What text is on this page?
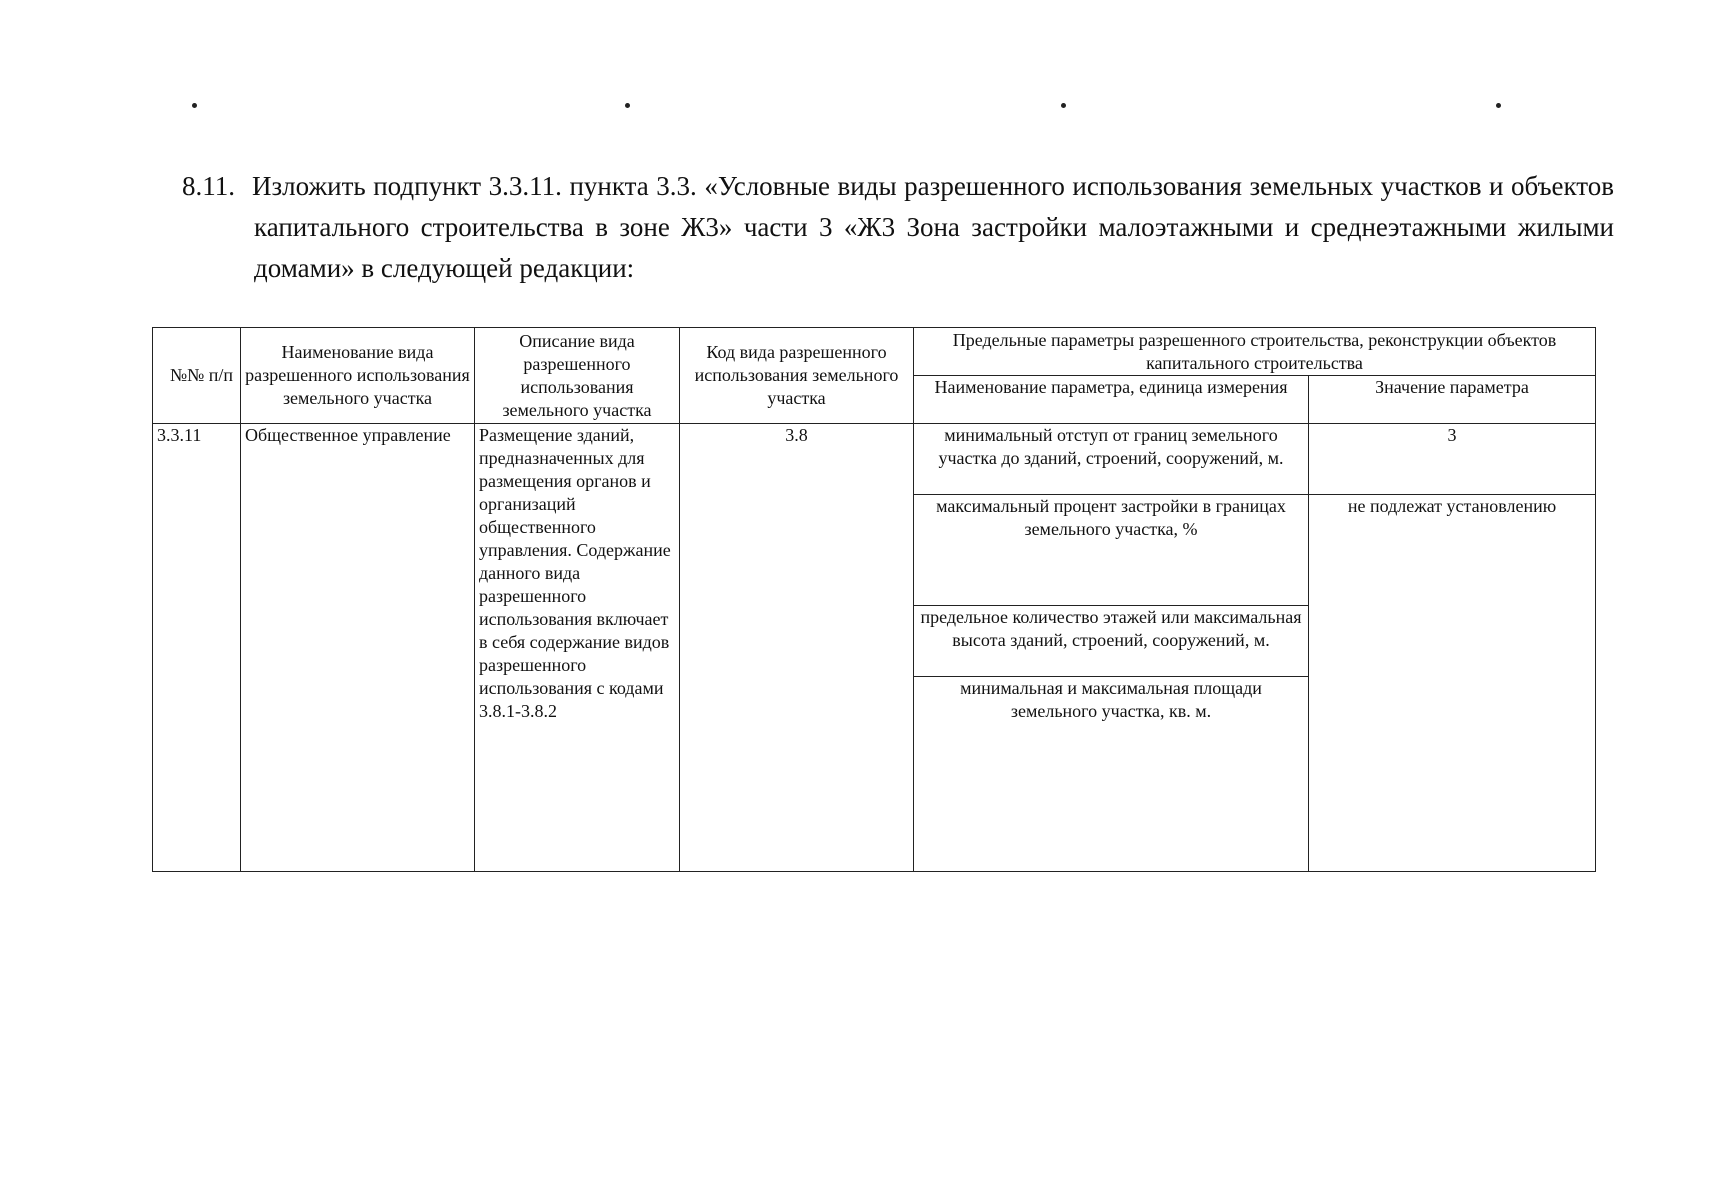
8.11. Изложить подпункт 3.3.11. пункта 3.3. «Условные виды разрешенного использования земельных участков и объектов капитального строительства в зоне Ж3» части 3 «Ж3 Зона застройки малоэтажными и среднеэтажными жилыми домами» в следующей редакции:
№№ п/п	Наименование вида разрешенного использования земельного участка	Описание вида разрешенного использования земельного участка	Код вида разрешенного использования земельного участка	Предельные параметры разрешенного строительства, реконструкции объектов капитального строительства	
				Наименование параметра, единица измерения	Значение параметра
3.3.11	Общественное управление	Размещение зданий, предназначенных для размещения органов и организаций общественного управления. Содержание данного вида разрешенного использования включает в себя содержание видов разрешенного использования с кодами 3.8.1-3.8.2	3.8	минимальный отступ от границ земельного участка до зданий, строений, сооружений, м.	3
				максимальный процент застройки в границах земельного участка, %	не подлежат установлению
				предельное количество этажей или максимальная высота зданий, строений, сооружений, м.	
				минимальная и максимальная площади земельного участка, кв. м.	
